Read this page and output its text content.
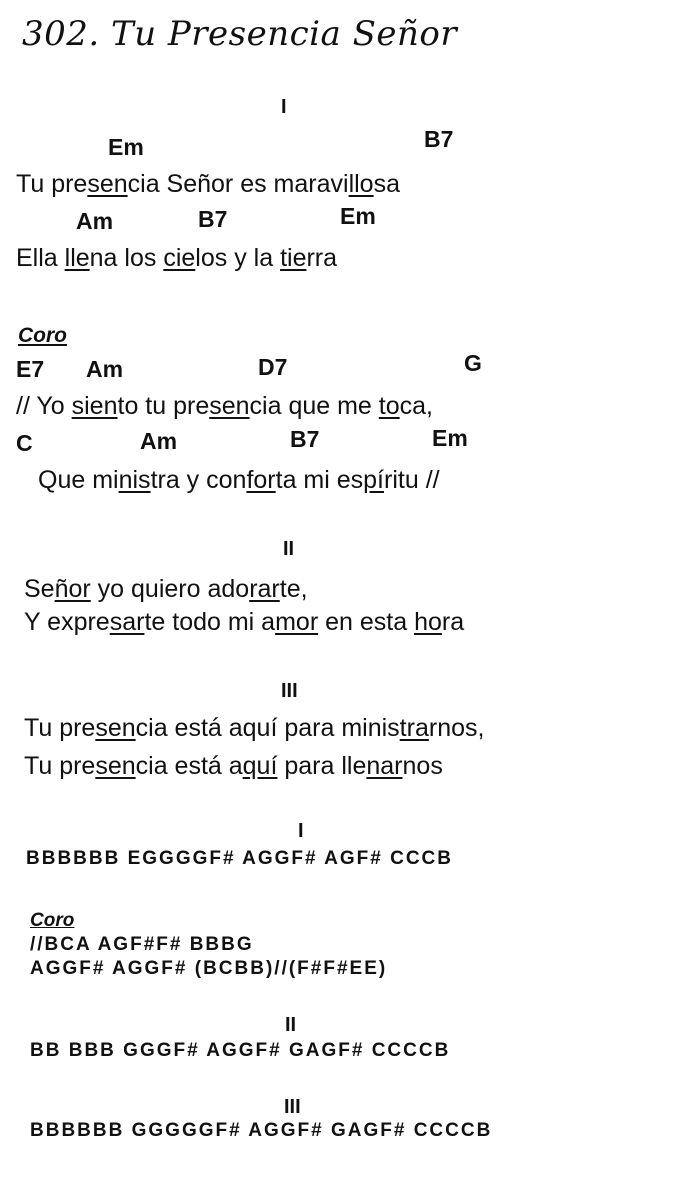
302. Tu Presencia Señor
I
Em	B7
Tu presencia Señor es maravillosa
Am	B7	Em
Ella llena los cielos y la tierra
Coro
E7 Am	D7	G
// Yo siento tu presencia que me toca,
C	Am	B7	Em
Que ministra y conforta mi espíritu //
II
Señor yo quiero adorarte,
Y expresarte todo mi amor en esta hora
III
Tu presencia está aquí para ministrarnos,
Tu presencia está aquí para llenarnos
I
BBBBBB EGGGGF# AGGF# AGF# CCCB
Coro
//BCA AGF#F# BBBG
AGGF# AGGF# (BCBB)//(F#F#EE)
II
BB BBB GGGF# AGGF# GAGF# CCCCB
III
BBBBBB GGGGGF# AGGF# GAGF# CCCCB
